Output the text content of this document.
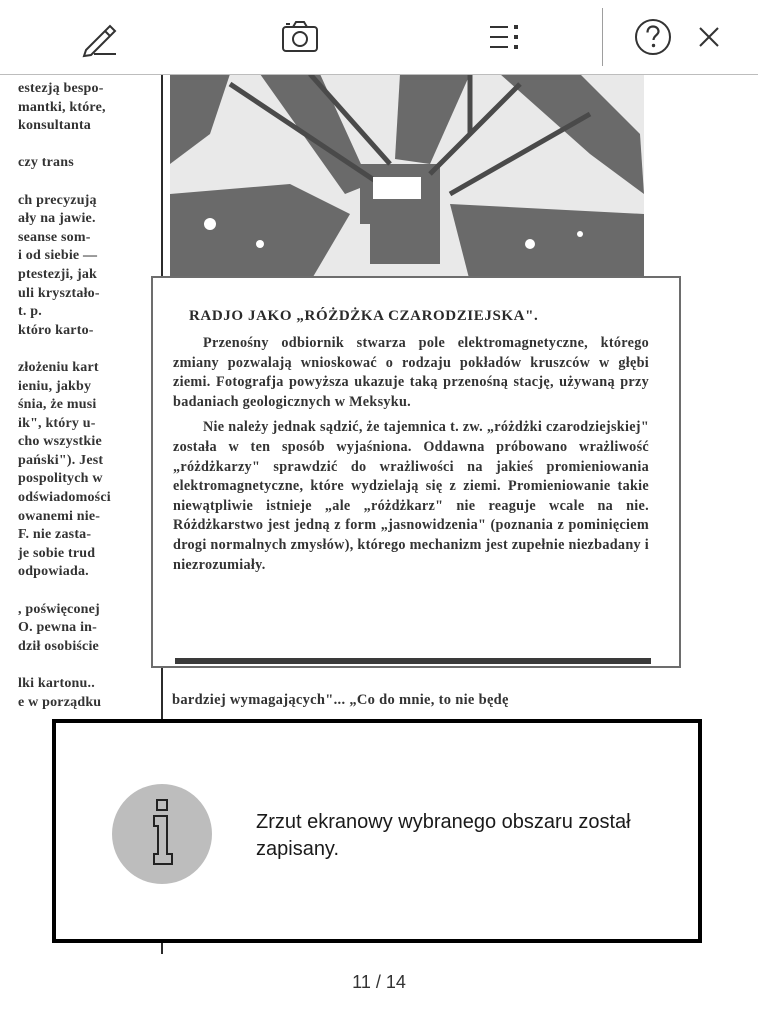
estezją bespo-
mantki, które,
konsultanta
czy trans
ch precyzują
ały na jawie.
seanse som-
i od siebie —
ptestezji, jak
uli kryształo-
t. p.
któro karto-
złożeniu kart
ieniu, jakby
śnia, że musi
ik", który u-
cho wszystkie
pański"). Jest
pospolitych w
odświadomości
owanemi nie-
F. nie zasta-
je sobie trud
odpowiada.
, poświęconej
O. pewna in-
dził osobiście
lki kartonu..
e w porządku
RADJO JAKO „RÓŻDŻKA CZARODZIEJSKA".

Przenośny odbiornik stwarza pole elektromagnetyczne, którego zmiany pozwalają wnioskować o rodzaju pokładów kruszców w głębi ziemi. Fotografja powyższa ukazuje taką przenośną stację, używaną przy badaniach geologicznych w Meksyku.

Nie należy jednak sądzić, że tajemnica t. zw. „różdżki czarodziejskiej" została w ten sposób wyjaśniona. Oddawna próbowano wrażliwość „różdżkarzy" sprawdzić do wrażliwości na jakieś promieniowania elektromagnetyczne, które wydzielają się z ziemi. Promieniowanie takie niewątpliwie istnieje „ale „różdżkarz" nie reaguje wcale na nie. Różdżkarstwo jest jedną z form „jasnowidzenia" (poznania z pominięciem drogi normalnych zmysłów), którego mechanizm jest zupełnie niezbadany i niezrozumiały.

bardziej wymagających"... „Co do mnie, to nie będę
Zrzut ekranowy wybranego obszaru został zapisany.
11 / 14
